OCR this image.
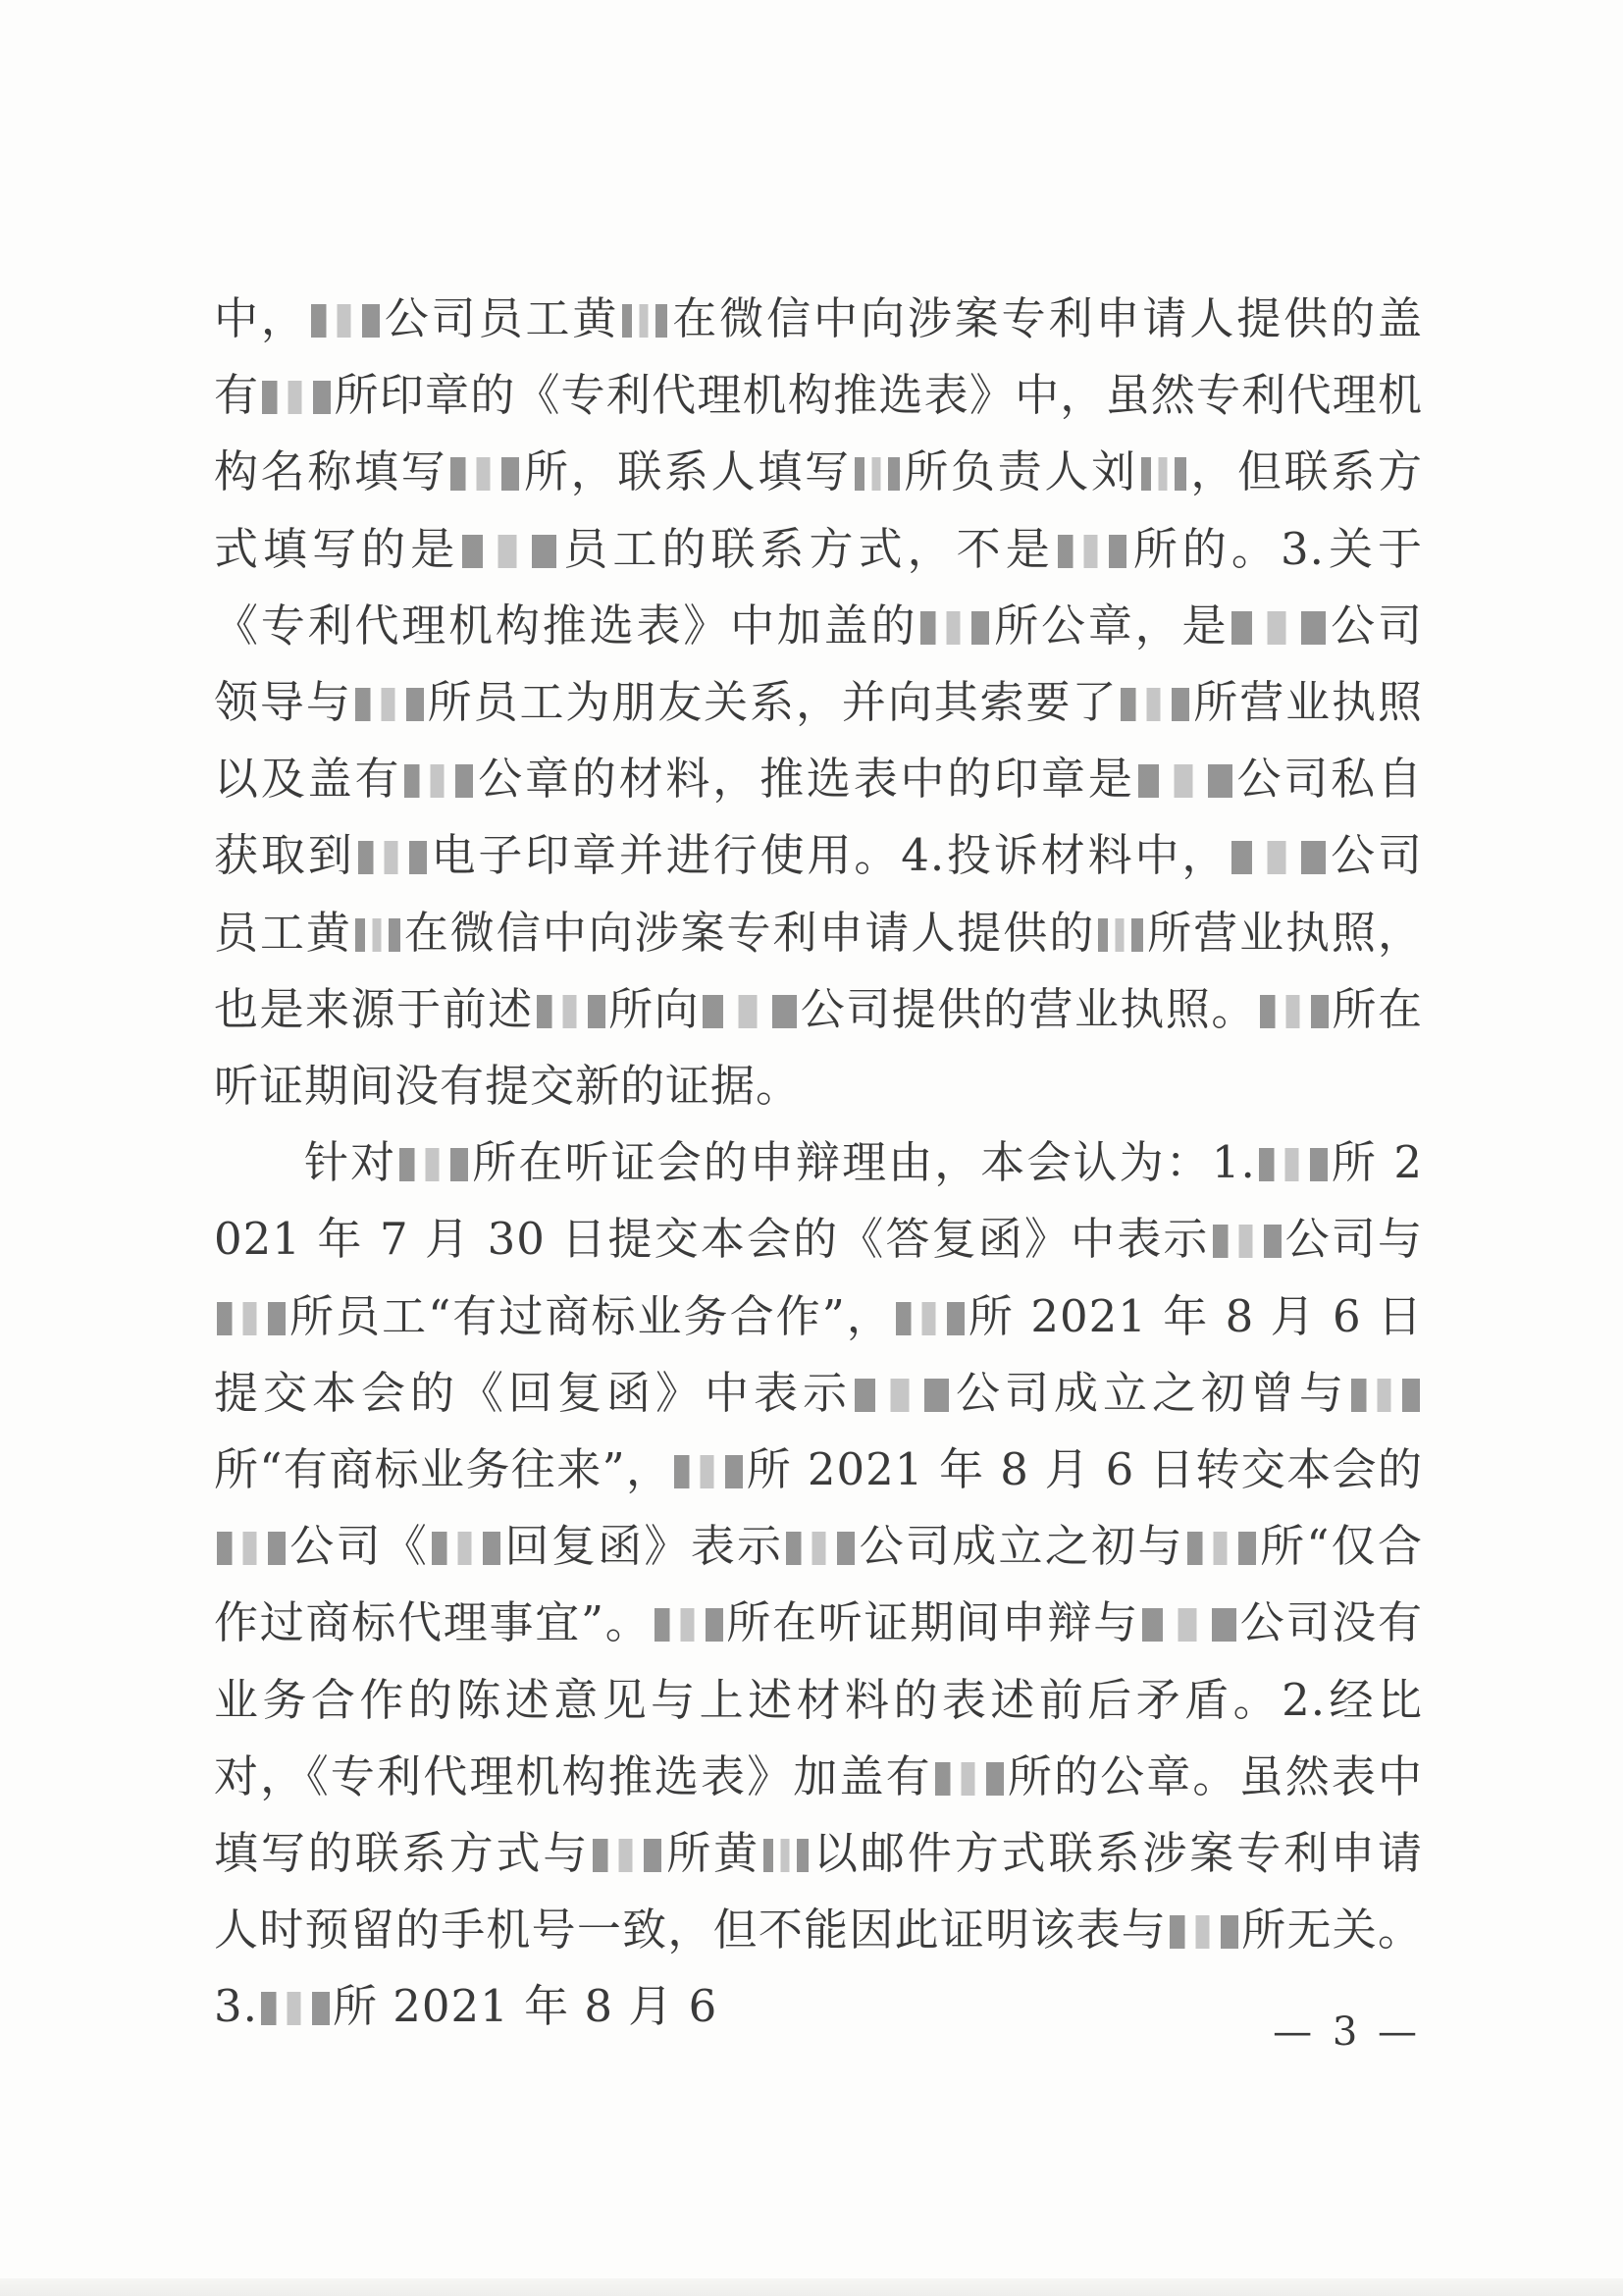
中， 公司员工黄 在微信中向涉案专利申请人提供的盖有 所印章的《专利代理机构推选表》中，虽然专利代理机构名称填写 所，联系人填写 所负责人刘 ，但联系方式填写的是 员工的联系方式，不是 所的。3.关于《专利代理机构推选表》中加盖的 所公章，是 公司领导与 所员工为朋友关系，并向其索要了 所营业执照以及盖有 公章的材料，推选表中的印章是 公司私自获取到 电子印章并进行使用。4.投诉材料中， 公司员工黄 在微信中向涉案专利申请人提供的 所营业执照，也是来源于前述 所向 公司提供的营业执照。 所在听证期间没有提交新的证据。

针对 所在听证会的申辩理由，本会认为：1. 所 2021 年 7 月 30 日提交本会的《答复函》中表示 公司与所员工“有过商标业务合作”， 所 2021 年 8 月 6 日提交本会的《回复函》中表示 公司成立之初曾与所“有商标业务往来”， 所 2021 年 8 月 6 日转交本会的公司《 回复函》表示 公司成立之初与 所“仅合作过商标代理事宜”。 所在听证期间申辩与 公司没有业务合作的陈述意见与上述材料的表述前后矛盾。2.经比对，《专利代理机构推选表》加盖有 所的公章。虽然表中填写的联系方式与 所黄 以邮件方式联系涉案专利申请人时预留的手机号一致，但不能因此证明该表与 所无关。3. 所 2021 年 8 月 6	— 3 —
